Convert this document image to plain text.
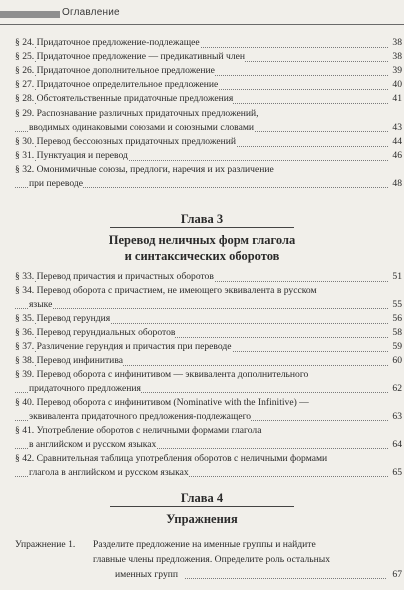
Оглавление
§ 24. Придаточное предложение-подлежащее	38
§ 25. Придаточное предложение — предикативный член	38
§ 26. Придаточное дополнительное предложение	39
§ 27. Придаточное определительное предложение	40
§ 28. Обстоятельственные придаточные предложения	41
§ 29. Распознавание различных придаточных предложений,
вводимых одинаковыми союзами и союзными словами	43
§ 30. Перевод бессоюзных придаточных предложений	44
§ 31. Пунктуация и перевод	46
§ 32. Омонимичные союзы, предлоги, наречия и их различение
при переводе	48
Глава 3
Перевод неличных форм глагола
и синтаксических оборотов
§ 33. Перевод причастия и причастных оборотов	51
§ 34. Перевод оборота с причастием, не имеющего эквивалента в русском
языке	55
§ 35. Перевод герундия	56
§ 36. Перевод герундиальных оборотов	58
§ 37. Различение герундия и причастия при переводе	59
§ 38. Перевод инфинитива	60
§ 39. Перевод оборота с инфинитивом — эквивалента дополнительного
придаточного предложения	62
§ 40. Перевод оборота с инфинитивом (Nominative with the Infinitive) —
эквивалента придаточного предложения-подлежащего	63
§ 41. Употребление оборотов с неличными формами глагола
в английском и русском языках	64
§ 42. Сравнительная таблица употребления оборотов с неличными формами
глагола в английском и русском языках	65
Глава 4
Упражнения
Упражнение 1. Разделите предложение на именные группы и найдите
главные члены предложения. Определите роль остальных
именных групп	67
